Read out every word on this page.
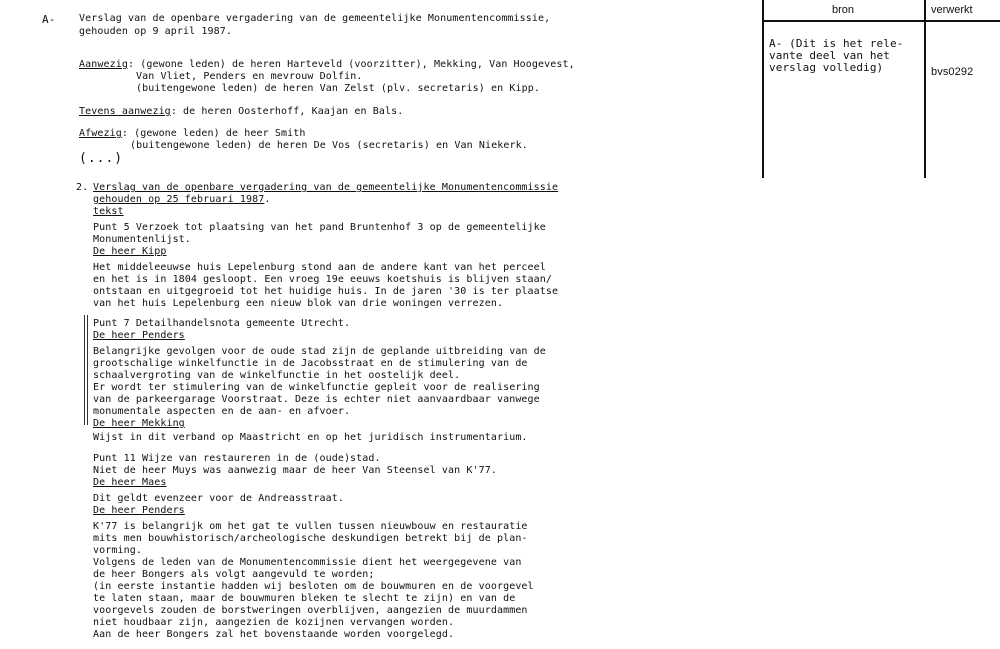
A- Verslag van de openbare vergadering van de gemeentelijke Monumentencommissie,
gehouden op 9 april 1987.
Aanwezig: (gewone leden) de heren Harteveld (voorzitter), Mekking, Van Hoogevest,
Van Vliet, Penders en mevrouw Dolfin.
(buitengewone leden) de heren Van Zelst (plv. secretaris) en Kipp.
Tevens aanwezig: de heren Oosterhoff, Kaajan en Bals.
Afwezig: (gewone leden) de heer Smith
(buitengewone leden) de heren De Vos (secretaris) en Van Niekerk.
(...)
2. Verslag van de openbare vergadering van de gemeentelijke Monumentencommissie
gehouden op 25 februari 1987.
tekst
Punt 5 Verzoek tot plaatsing van het pand Bruntenhof 3 op de gemeentelijke
Monumentenlijst.
De heer Kipp
Het middeleeuwse huis Lepelenburg stond aan de andere kant van het perceel
en het is in 1804 gesloopt. Een vroeg 19e eeuws koetshuis is blijven staan/
ontstaan en uitgegroeid tot het huidige huis. In de jaren '30 is ter plaatse
van het huis Lepelenburg een nieuw blok van drie woningen verrezen.
Punt 7 Detailhandelsnota gemeente Utrecht.
De heer Penders
Belangrijke gevolgen voor de oude stad zijn de geplande uitbreiding van de
grootschalige winkelfunctie in de Jacobsstraat en de stimulering van de
schaalvergroting van de winkelfunctie in het oostelijk deel.
Er wordt ter stimulering van de winkelfunctie gepleit voor de realisering
van de parkeergarage Voorstraat. Deze is echter niet aanvaardbaar vanwege
monumentale aspecten en de aan- en afvoer.
De heer Mekking
Wijst in dit verband op Maastricht en op het juridisch instrumentarium.
Punt 11 Wijze van restaureren in de (oude)stad.
Niet de heer Muys was aanwezig maar de heer Van Steensel van K'77.
De heer Maes
Dit geldt evenzeer voor de Andreasstraat.
De heer Penders
K'77 is belangrijk om het gat te vullen tussen nieuwbouw en restauratie
mits men bouwhistorisch/archeologische deskundigen betrekt bij de plan-
vorming.
Volgens de leden van de Monumentencommissie dient het weergegevene van
de heer Bongers als volgt aangevuld te worden;
(in eerste instantie hadden wij besloten om de bouwmuren en de voorgevel
te laten staan, maar de bouwmuren bleken te slecht te zijn) en van de
voorgevels zouden de borstweringen overblijven, aangezien de muurdammen
niet houdbaar zijn, aangezien de kozijnen vervangen worden.
Aan de heer Bongers zal het bovenstaande worden voorgelegd.
bron	verwerkt
A- (Dit is het rele-
vante deel van het
verslag volledig)	bvs0292
